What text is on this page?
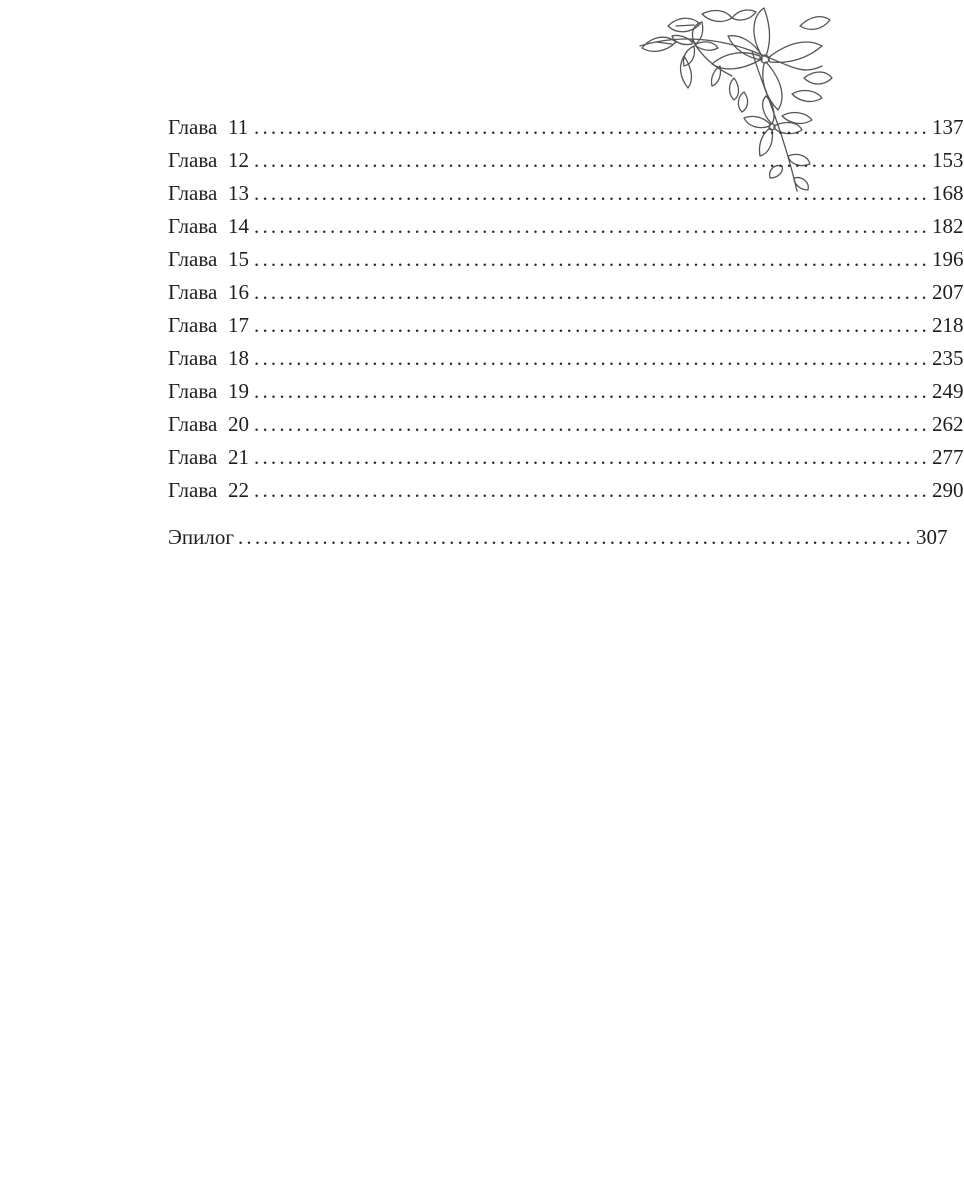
Глава 11 ................................................................................ 137
Глава 12 ................................................................................ 153
Глава 13 ................................................................................ 168
Глава 14 ................................................................................ 182
Глава 15 ................................................................................ 196
Глава 16 ................................................................................ 207
Глава 17 ................................................................................ 218
Глава 18 ................................................................................ 235
Глава 19 ................................................................................ 249
Глава 20 ................................................................................ 262
Глава 21 ................................................................................ 277
Глава 22 ................................................................................ 290
Эпилог ................................................................................ 307
